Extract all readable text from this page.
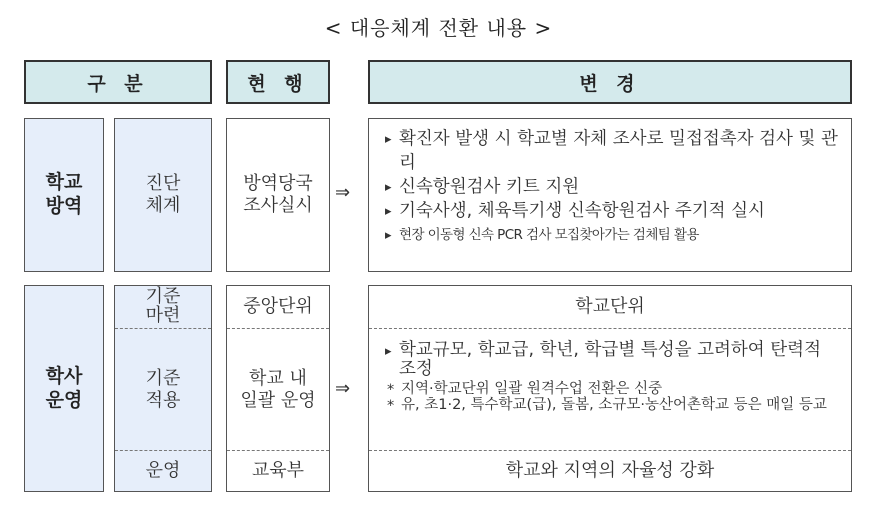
< 대응체계 전환 내용 >
구 분	현 행	변 경
학교
방역
진단
체계
방역당국
조사실시
⇒
▸ 확진자 발생 시 학교별 자체 조사로 밀접접촉자 검사 및 관리
▸ 신속항원검사 키트 지원
▸ 기숙사생, 체육특기생 신속항원검사 주기적 실시
▸ 현장 이동형 신속 PCR 검사 모집찾아가는 검체팀 활용
학사
운영
기준
마련
기준
적용
운영
중앙단위
학교 내
일괄 운영
교육부
⇒
학교단위
▸ 학교규모, 학교급, 학년, 학급별 특성을 고려하여 탄력적 조정
* 지역·학교단위 일괄 원격수업 전환은 신중
* 유, 초1·2, 특수학교(급), 돌봄, 소규모·농산어촌학교 등은 매일 등교
학교와 지역의 자율성 강화
